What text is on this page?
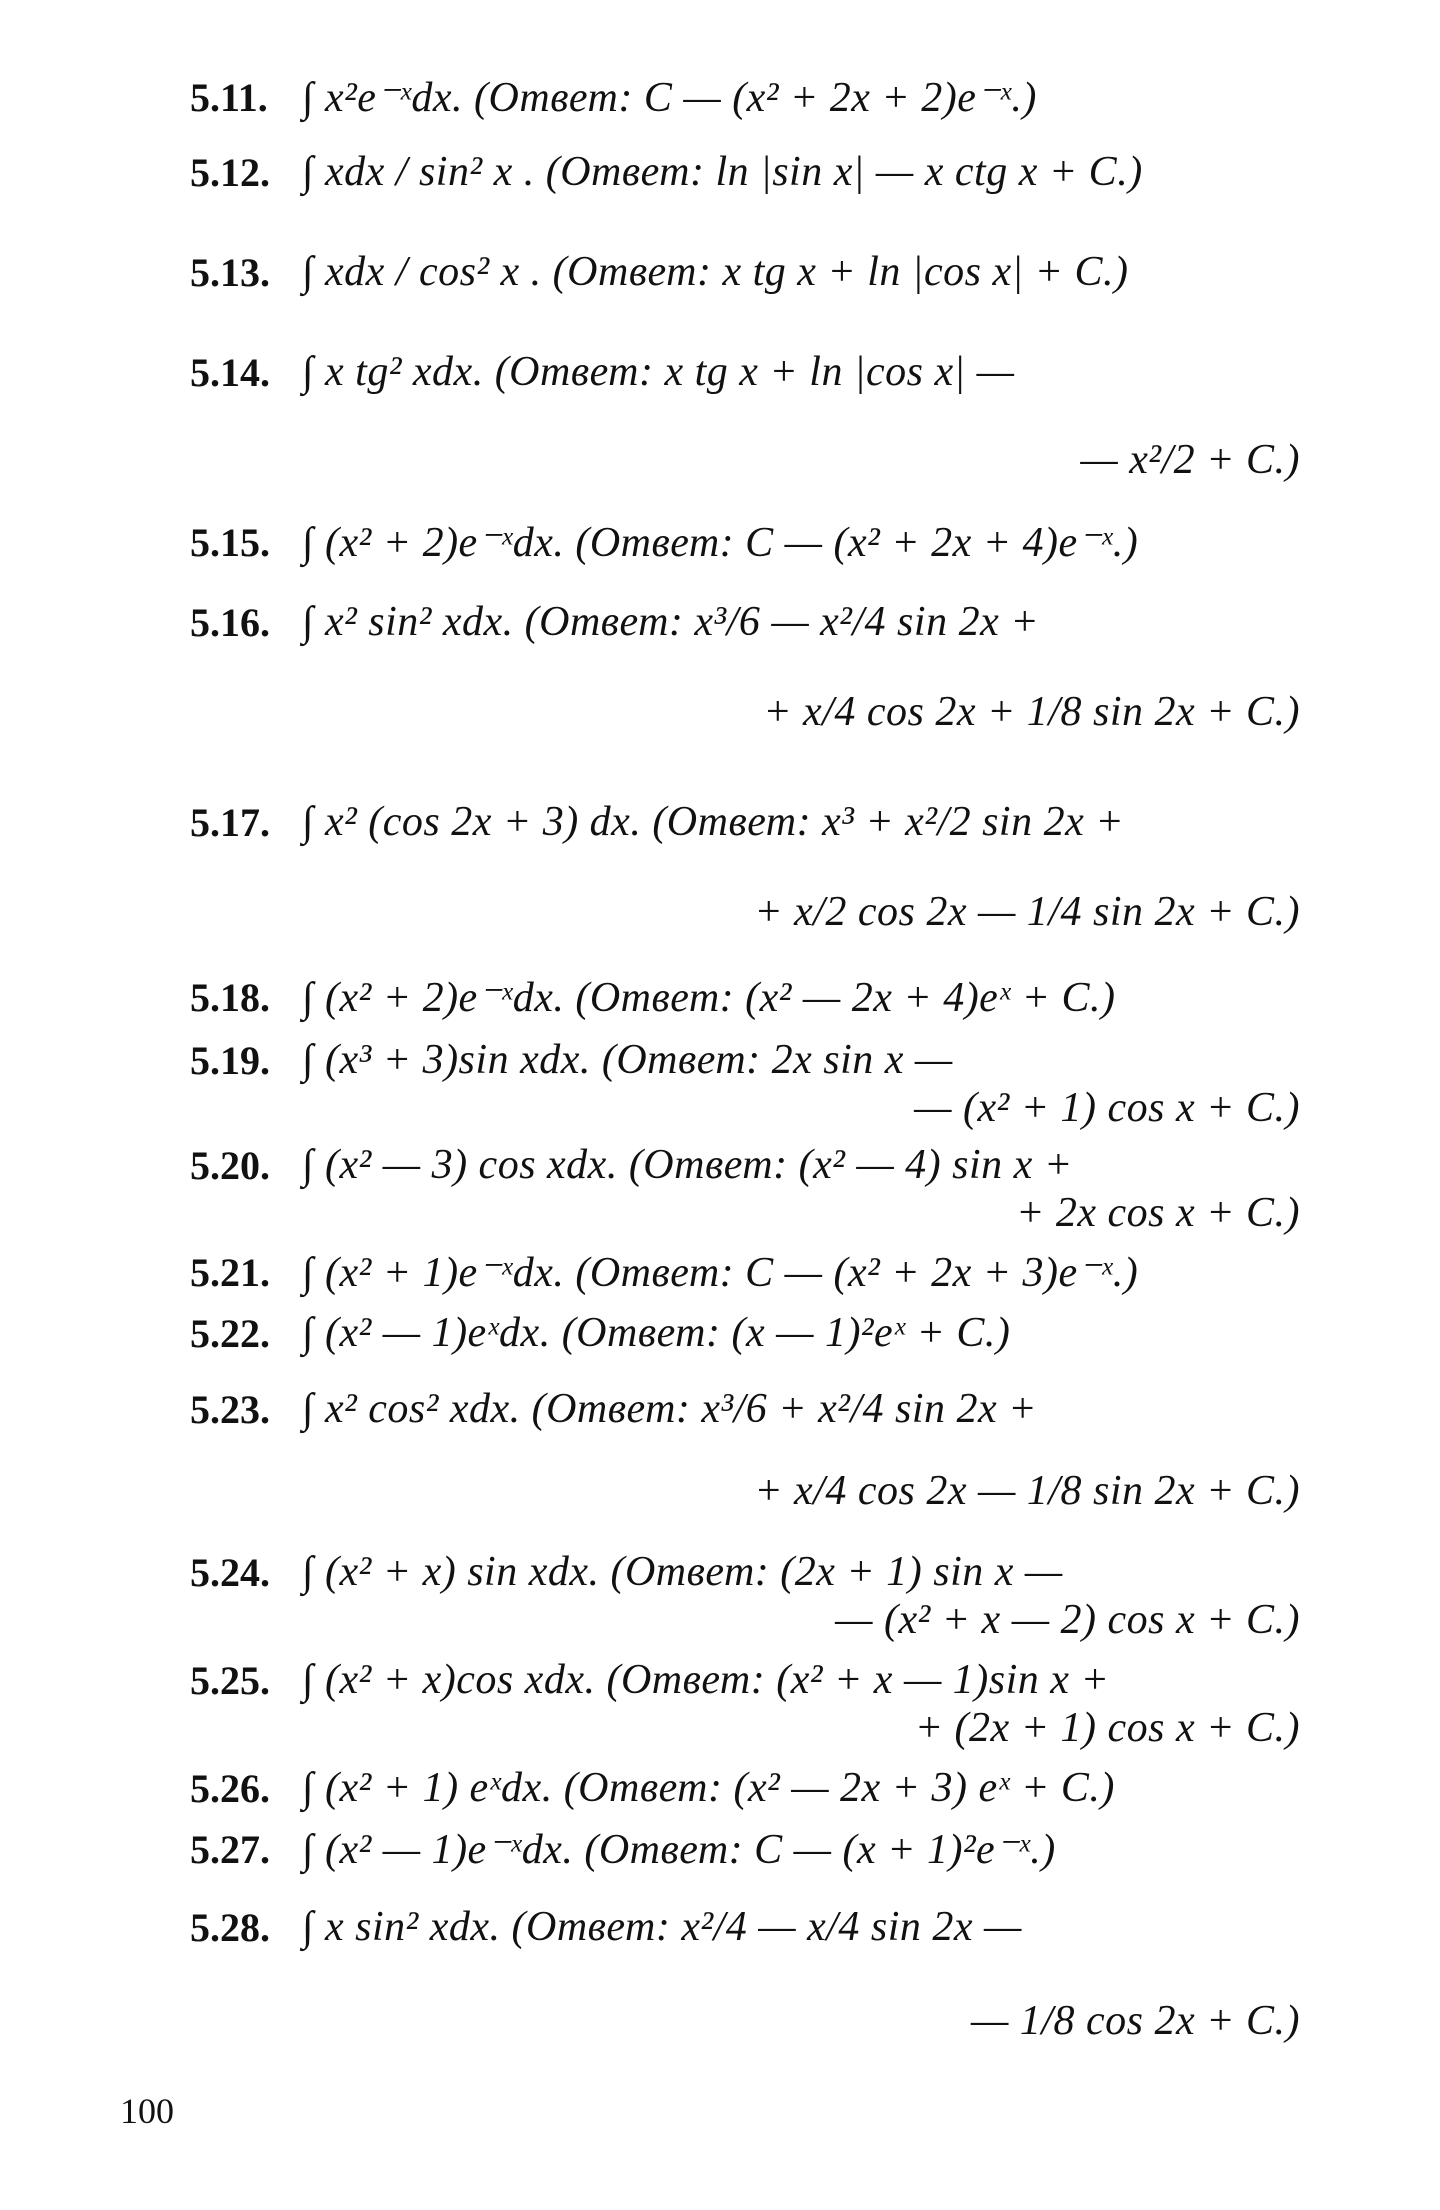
5.11. ∫ x²e⁻ˣdx. (Ответ: C — (x² + 2x + 2)e⁻ˣ.)
5.12. ∫ xdx / sin² x . (Ответ: ln |sin x| — x ctg x + C.)
5.13. ∫ xdx / cos² x . (Ответ: x tg x + ln |cos x| + C.)
5.14. ∫ x tg² xdx. (Ответ: x tg x + ln |cos x| —
— x²/2 + C.)
5.15. ∫ (x² + 2)e⁻ˣdx. (Ответ: C — (x² + 2x + 4)e⁻ˣ.)
5.16. ∫ x² sin² xdx. (Ответ: x³/6 — x²/4 sin 2x +
+ x/4 cos 2x + 1/8 sin 2x + C.)
5.17. ∫ x² (cos 2x + 3) dx. (Ответ: x³ + x²/2 sin 2x +
+ x/2 cos 2x — 1/4 sin 2x + C.)
5.18. ∫ (x² + 2)e⁻ˣdx. (Ответ: (x² — 2x + 4)eˣ + C.)
5.19. ∫ (x³ + 3)sin xdx. (Ответ: 2x sin x —
— (x² + 1) cos x + C.)
5.20. ∫ (x² — 3) cos xdx. (Ответ: (x² — 4) sin x +
+ 2x cos x + C.)
5.21. ∫ (x² + 1)e⁻ˣdx. (Ответ: C — (x² + 2x + 3)e⁻ˣ.)
5.22. ∫ (x² — 1)eˣdx. (Ответ: (x — 1)²eˣ + C.)
5.23. ∫ x² cos² xdx. (Ответ: x³/6 + x²/4 sin 2x +
+ x/4 cos 2x — 1/8 sin 2x + C.)
5.24. ∫ (x² + x) sin xdx. (Ответ: (2x + 1) sin x —
— (x² + x — 2) cos x + C.)
5.25. ∫ (x² + x)cos xdx. (Ответ: (x² + x — 1)sin x +
+ (2x + 1) cos x + C.)
5.26. ∫ (x² + 1) eˣdx. (Ответ: (x² — 2x + 3) eˣ + C.)
5.27. ∫ (x² — 1)e⁻ˣdx. (Ответ: C — (x + 1)²e⁻ˣ.)
5.28. ∫ x sin² xdx. (Ответ: x²/4 — x/4 sin 2x —
— 1/8 cos 2x + C.)
100
